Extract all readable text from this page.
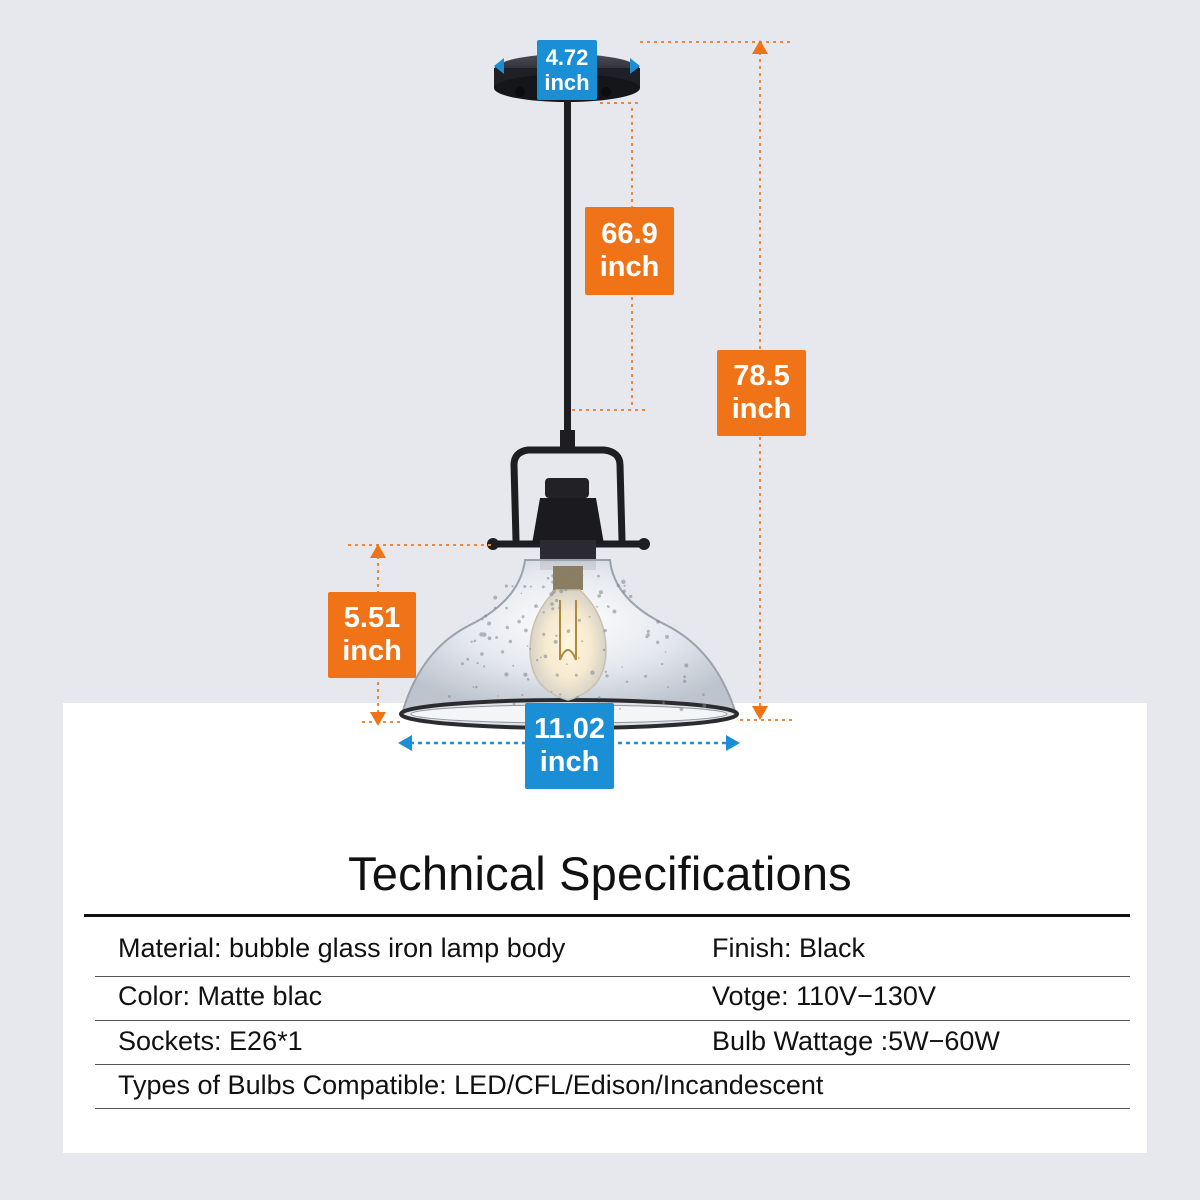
4.72
inch
66.9
inch
78.5
inch
5.51
inch
11.02
inch
Technical Specifications
Material: bubble glass iron lamp body	Finish: Black
Color: Matte blac	Votge: 110V−130V
Sockets: E26*1	Bulb Wattage :5W−60W
Types of Bulbs Compatible: LED/CFL/Edison/Incandescent
